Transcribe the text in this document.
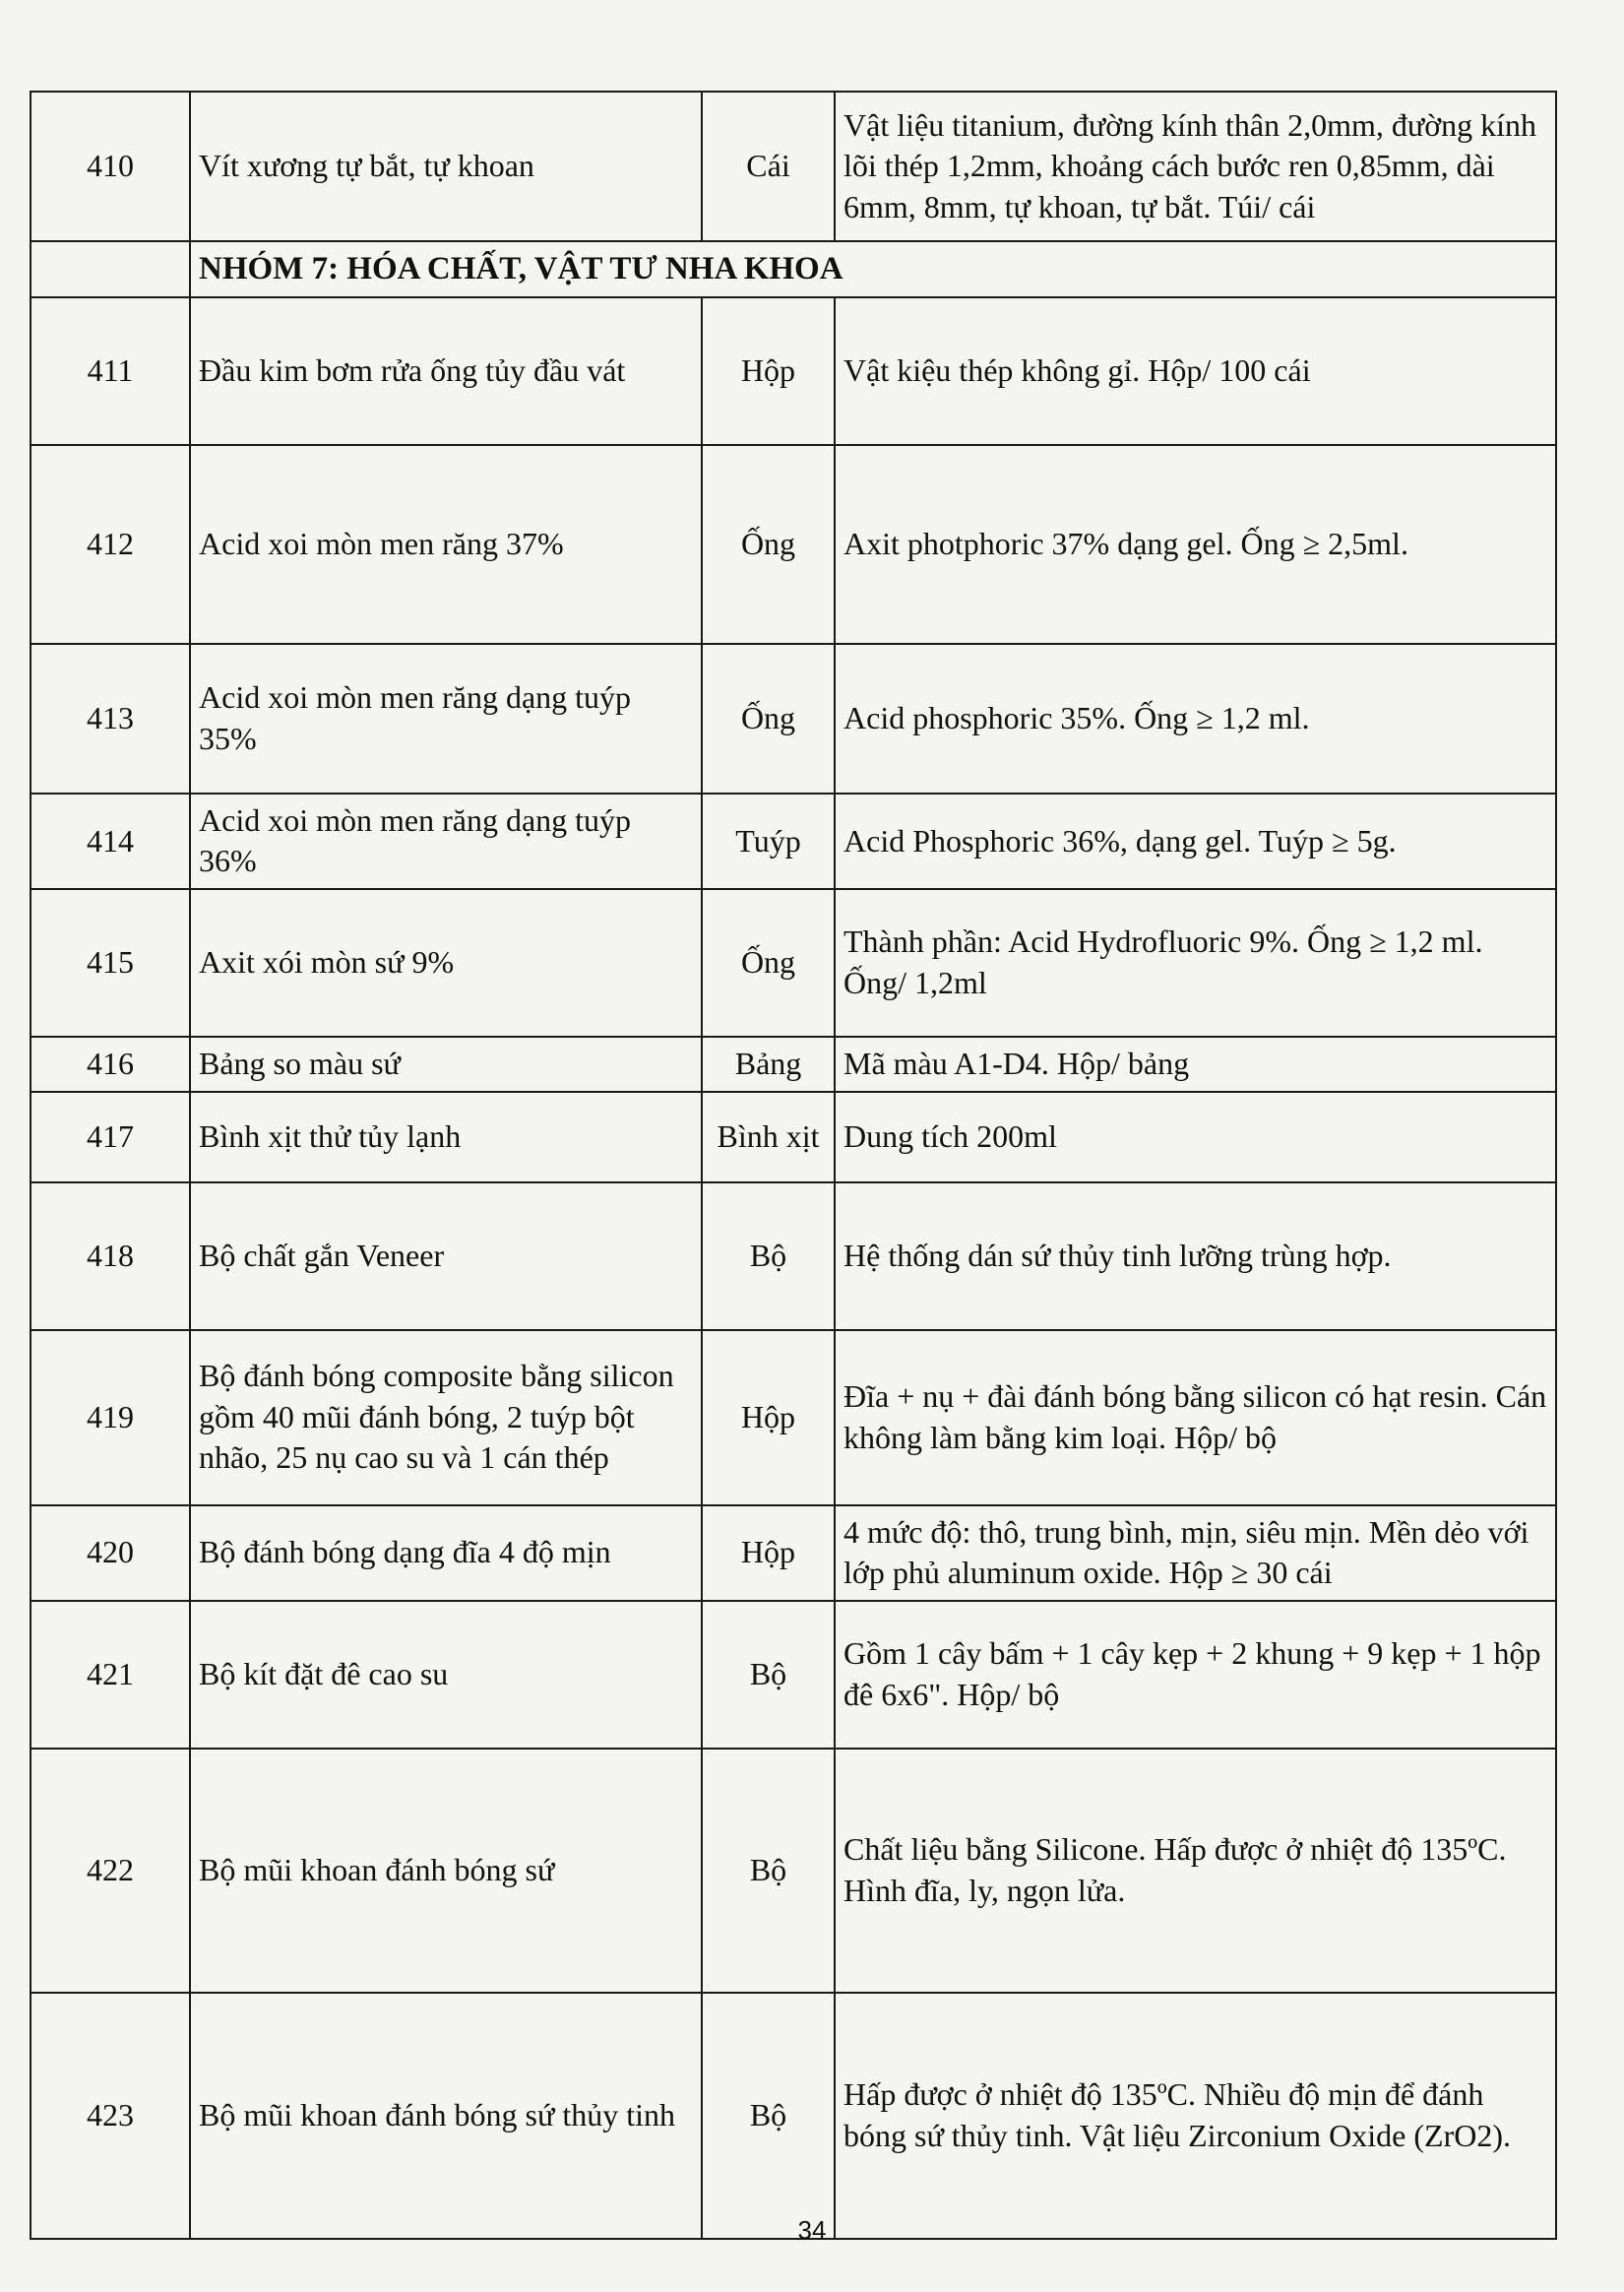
410	Vít xương tự bắt, tự khoan	Cái	Vật liệu titanium, đường kính thân 2,0mm, đường kính lõi thép 1,2mm, khoảng cách bước ren 0,85mm, dài 6mm, 8mm, tự khoan, tự bắt. Túi/ cái
	NHÓM 7: HÓA CHẤT, VẬT TƯ NHA KHOA		
411	Đầu kim bơm rửa ống tủy đầu vát	Hộp	Vật kiệu thép không gỉ. Hộp/ 100 cái
412	Acid xoi mòn men răng 37%	Ống	Axit photphoric 37% dạng gel. Ống ≥ 2,5ml.
413	Acid xoi mòn men răng dạng tuýp 35%	Ống	Acid phosphoric 35%. Ống ≥ 1,2 ml.
414	Acid xoi mòn men răng dạng tuýp 36%	Tuýp	Acid Phosphoric 36%, dạng gel. Tuýp ≥ 5g.
415	Axit xói mòn sứ 9%	Ống	Thành phần: Acid Hydrofluoric 9%. Ống ≥ 1,2 ml. Ống/ 1,2ml
416	Bảng so màu sứ	Bảng	Mã màu A1-D4. Hộp/ bảng
417	Bình xịt thử tủy lạnh	Bình xịt	Dung tích 200ml
418	Bộ chất gắn Veneer	Bộ	Hệ thống dán sứ thủy tinh lưỡng trùng hợp.
419	Bộ đánh bóng composite bằng silicon gồm 40 mũi đánh bóng, 2 tuýp bột nhão, 25 nụ cao su và 1 cán thép	Hộp	Đĩa + nụ + đài đánh bóng bằng silicon có hạt resin. Cán không làm bằng kim loại. Hộp/ bộ
420	Bộ đánh bóng dạng đĩa 4 độ mịn	Hộp	4 mức độ: thô, trung bình, mịn, siêu mịn. Mền dẻo với lớp phủ aluminum oxide. Hộp ≥ 30 cái
421	Bộ kít đặt đê cao su	Bộ	Gồm 1 cây bấm + 1 cây kẹp + 2 khung + 9 kẹp + 1 hộp đê 6x6". Hộp/ bộ
422	Bộ mũi khoan đánh bóng sứ	Bộ	Chất liệu bằng Silicone. Hấp được ở nhiệt độ 135ºC. Hình đĩa, ly, ngọn lửa.
423	Bộ mũi khoan đánh bóng sứ thủy tinh	Bộ	Hấp được ở nhiệt độ 135ºC. Nhiều độ mịn để đánh bóng sứ thủy tinh. Vật liệu Zirconium Oxide (ZrO2).
34
